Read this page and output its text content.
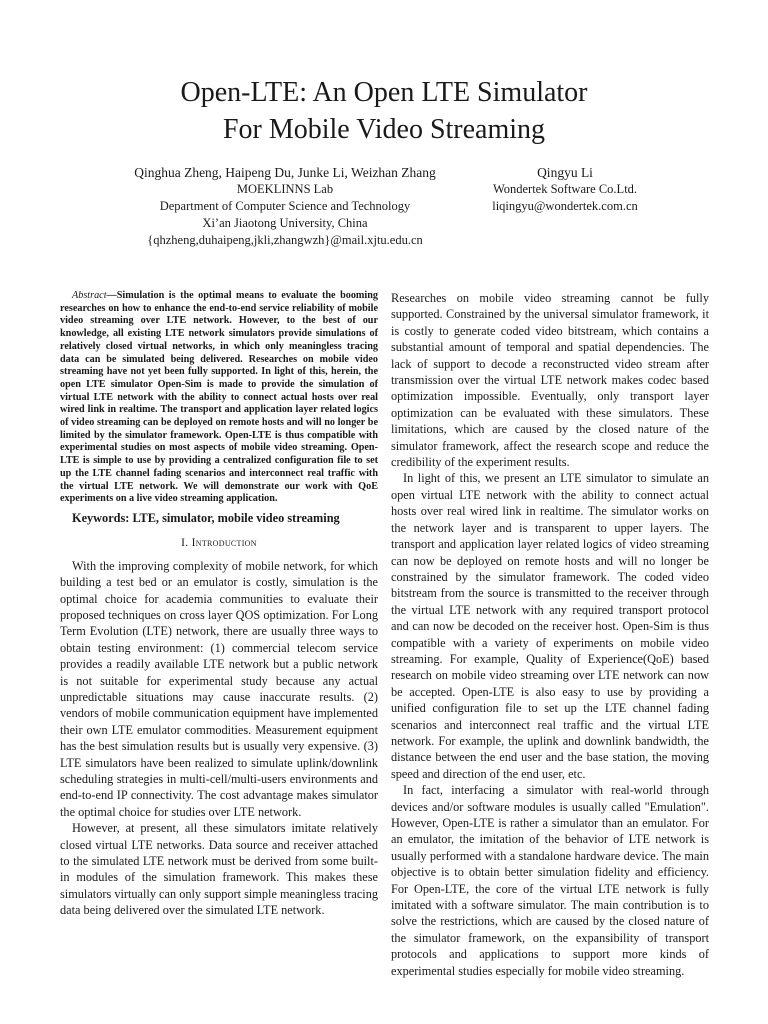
Open-LTE: An Open LTE Simulator
For Mobile Video Streaming
Qinghua Zheng, Haipeng Du, Junke Li, Weizhan Zhang
MOEKLINNS Lab
Department of Computer Science and Technology
Xi’an Jiaotong University, China
{qhzheng,duhaipeng,jkli,zhangwzh}@mail.xjtu.edu.cn
Qingyu Li
Wondertek Software Co.Ltd.
liqingyu@wondertek.com.cn

Abstract—Simulation is the optimal means to evaluate the booming researches on how to enhance the end-to-end service reliability of mobile video streaming over LTE network. However, to the best of our knowledge, all existing LTE network simulators provide simulations of relatively closed virtual networks, in which only meaningless tracing data can be simulated being delivered. Researches on mobile video streaming have not yet been fully supported. In light of this, herein, the open LTE simulator Open-Sim is made to provide the simulation of virtual LTE network with the ability to connect actual hosts over real wired link in realtime. The transport and application layer related logics of video streaming can be deployed on remote hosts and will no longer be limited by the simulator framework. Open-LTE is thus compatible with experimental studies on most aspects of mobile video streaming. Open-LTE is simple to use by providing a centralized configuration file to set up the LTE channel fading scenarios and interconnect real traffic with the virtual LTE network. We will demonstrate our work with QoE experiments on a live video streaming application.

Keywords: LTE, simulator, mobile video streaming

I. Introduction

With the improving complexity of mobile network, for which building a test bed or an emulator is costly, simulation is the optimal choice for academia communities to evaluate their proposed techniques on cross layer QOS optimization. For Long Term Evolution (LTE) network, there are usually three ways to obtain testing environment: (1) commercial telecom service provides a readily available LTE network but a public network is not suitable for experimental study because any actual unpredictable situations may cause inaccurate results. (2) vendors of mobile communication equipment have implemented their own LTE emulator commodities. Measurement equipment has the best simulation results but is usually very expensive. (3) LTE simulators have been realized to simulate uplink/downlink scheduling strategies in multi-cell/multi-users environments and end-to-end IP connectivity. The cost advantage makes simulator the optimal choice for studies over LTE network.

However, at present, all these simulators imitate relatively closed virtual LTE networks. Data source and receiver attached to the simulated LTE network must be derived from some built-in modules of the simulation framework. This makes these simulators virtually can only support simple meaningless tracing data being delivered over the simulated LTE network.

Researches on mobile video streaming cannot be fully supported. Constrained by the universal simulator framework, it is costly to generate coded video bitstream, which contains a substantial amount of temporal and spatial dependencies. The lack of support to decode a reconstructed video stream after transmission over the virtual LTE network makes codec based optimization impossible. Eventually, only transport layer optimization can be evaluated with these simulators. These limitations, which are caused by the closed nature of the simulator framework, affect the research scope and reduce the credibility of the experiment results.

In light of this, we present an LTE simulator to simulate an open virtual LTE network with the ability to connect actual hosts over real wired link in realtime. The simulator works on the network layer and is transparent to upper layers. The transport and application layer related logics of video streaming can now be deployed on remote hosts and will no longer be constrained by the simulator framework. The coded video bitstream from the source is transmitted to the receiver through the virtual LTE network with any required transport protocol and can now be decoded on the receiver host. Open-Sim is thus compatible with a variety of experiments on mobile video streaming. For example, Quality of Experience(QoE) based research on mobile video streaming over LTE network can now be accepted. Open-LTE is also easy to use by providing a unified configuration file to set up the LTE channel fading scenarios and interconnect real traffic and the virtual LTE network. For example, the uplink and downlink bandwidth, the distance between the end user and the base station, the moving speed and direction of the end user, etc.

In fact, interfacing a simulator with real-world through devices and/or software modules is usually called "Emulation". However, Open-LTE is rather a simulator than an emulator. For an emulator, the imitation of the behavior of LTE network is usually performed with a standalone hardware device. The main objective is to obtain better simulation fidelity and efficiency. For Open-LTE, the core of the virtual LTE network is fully imitated with a software simulator. The main contribution is to solve the restrictions, which are caused by the closed nature of the simulator framework, on the expansibility of transport protocols and applications to support more kinds of experimental studies especially for mobile video streaming.
